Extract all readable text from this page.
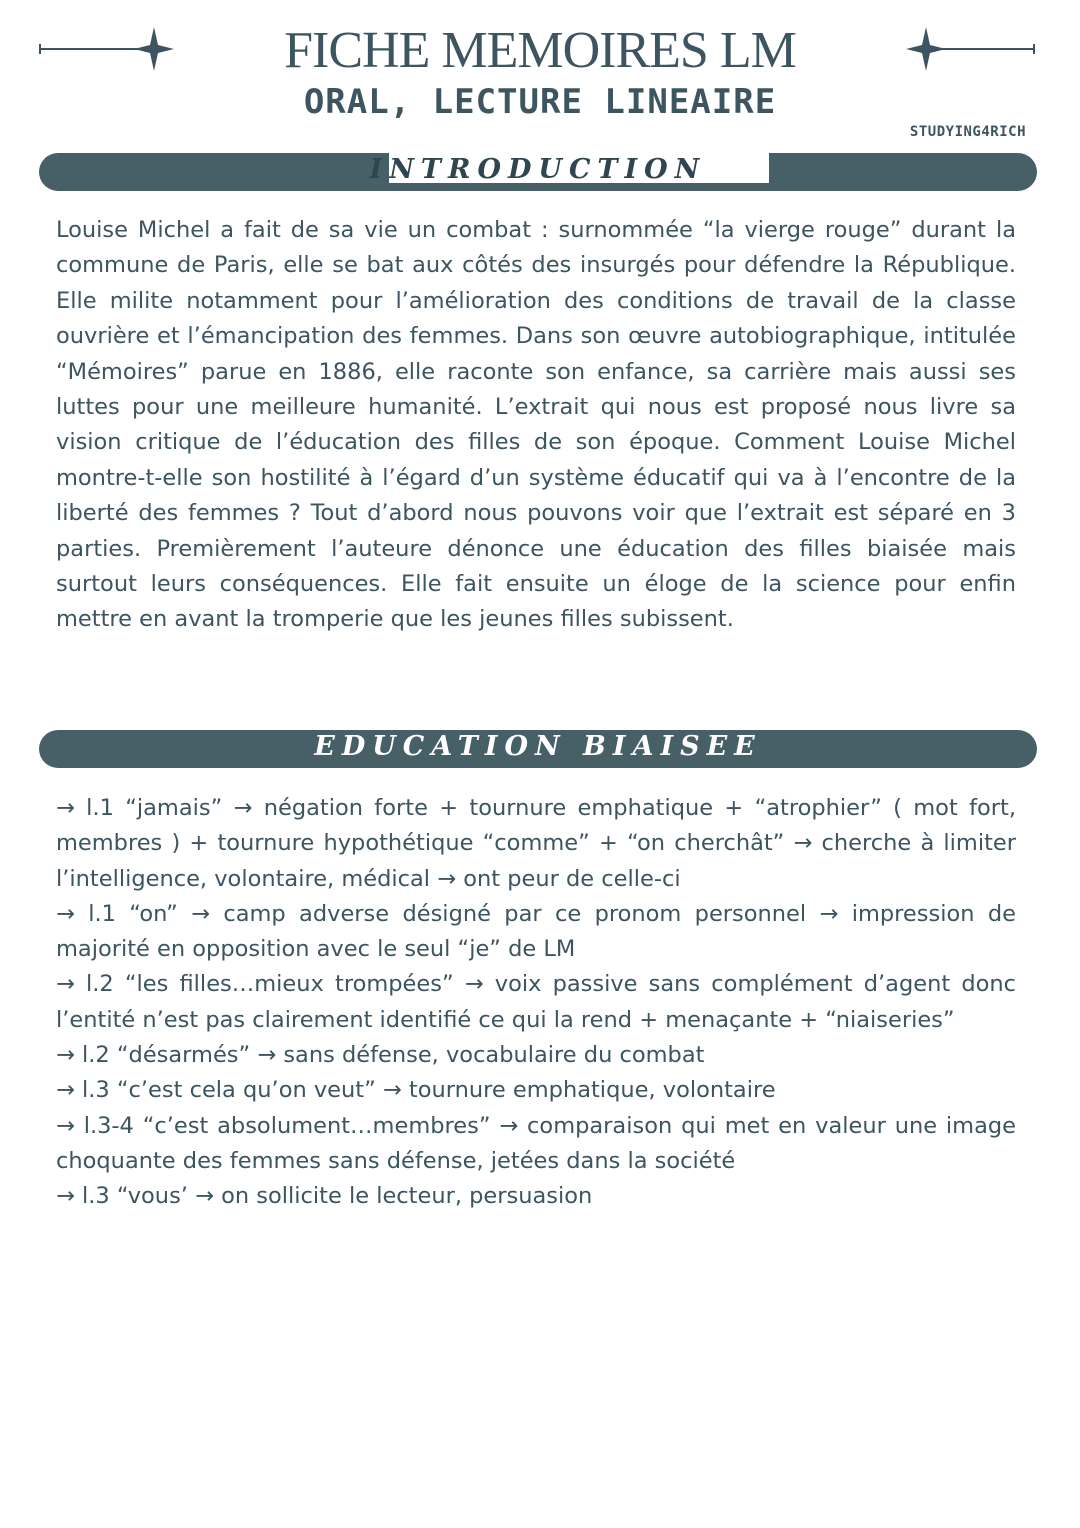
FICHE MEMOIRES LM
ORAL, LECTURE LINEAIRE
STUDYING4RICH
INTRODUCTION

Louise Michel a fait de sa vie un combat : surnommée “la vierge rouge” durant la commune de Paris, elle se bat aux côtés des insurgés pour défendre la République. Elle milite notamment pour l’amélioration des conditions de travail de la classe ouvrière et l’émancipation des femmes. Dans son œuvre autobiographique, intitulée “Mémoires” parue en 1886, elle raconte son enfance, sa carrière mais aussi ses luttes pour une meilleure humanité. L’extrait qui nous est proposé nous livre sa vision critique de l’éducation des filles de son époque. Comment Louise Michel montre-t-elle son hostilité à l’égard d’un système éducatif qui va à l’encontre de la liberté des femmes ? Tout d’abord nous pouvons voir que l’extrait est séparé en 3 parties. Premièrement l’auteure dénonce une éducation des filles biaisée mais surtout leurs conséquences. Elle fait ensuite un éloge de la science pour enfin mettre en avant la tromperie que les jeunes filles subissent.

EDUCATION BIAISEE
→ l.1 “jamais” → négation forte + tournure emphatique + “atrophier” ( mot fort, membres ) + tournure hypothétique “comme” + “on cherchât” → cherche à limiter l’intelligence, volontaire, médical → ont peur de celle-ci
→ l.1 “on” → camp adverse désigné par ce pronom personnel → impression de majorité en opposition avec le seul “je” de LM
→ l.2 “les filles…mieux trompées” → voix passive sans complément d’agent donc l’entité n’est pas clairement identifié ce qui la rend + menaçante + “niaiseries”
→ l.2 “désarmés” → sans défense, vocabulaire du combat
→ l.3 “c’est cela qu’on veut” → tournure emphatique, volontaire
→ l.3-4 “c’est absolument…membres” → comparaison qui met en valeur une image choquante des femmes sans défense, jetées dans la société
→ l.3 “vous’ → on sollicite le lecteur, persuasion
